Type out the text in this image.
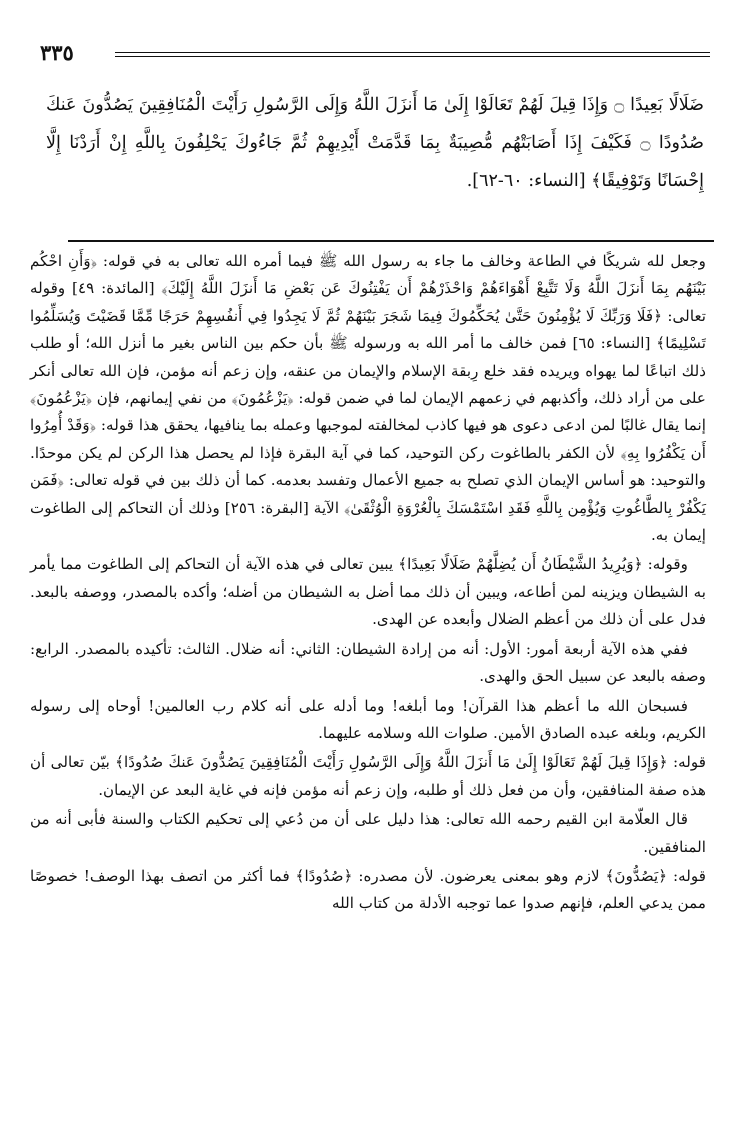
٣٣٥

ضَلَالًا بَعِيدًا ۝ وَإِذَا قِيلَ لَهُمْ تَعَالَوْا إِلَىٰ مَا أَنزَلَ اللَّهُ وَإِلَى الرَّسُولِ رَأَيْتَ الْمُنَافِقِينَ يَصُدُّونَ عَنكَ صُدُودًا ۝ فَكَيْفَ إِذَا أَصَابَتْهُم مُّصِيبَةٌ بِمَا قَدَّمَتْ أَيْدِيهِمْ ثُمَّ جَاءُوكَ يَحْلِفُونَ بِاللَّهِ إِنْ أَرَدْنَا إِلَّا إِحْسَانًا وَتَوْفِيقًا﴾ [النساء: ٦٠-٦٢].

وجعل لله شريكًا في الطاعة وخالف ما جاء به رسول الله ﷺ فيما أمره الله تعالى به في قوله: ﴿وَأَنِ احْكُم بَيْنَهُم بِمَا أَنزَلَ اللَّهُ وَلَا تَتَّبِعْ أَهْوَاءَهُمْ وَاحْذَرْهُمْ أَن يَفْتِنُوكَ عَن بَعْضِ مَا أَنزَلَ اللَّهُ إِلَيْكَ﴾ [المائدة: ٤٩] وقوله تعالى: ﴿فَلَا وَرَبِّكَ لَا يُؤْمِنُونَ حَتَّىٰ يُحَكِّمُوكَ فِيمَا شَجَرَ بَيْنَهُمْ ثُمَّ لَا يَجِدُوا فِي أَنفُسِهِمْ حَرَجًا مِّمَّا قَضَيْتَ وَيُسَلِّمُوا تَسْلِيمًا﴾ [النساء: ٦٥] فمن خالف ما أمر الله به ورسوله ﷺ بأن حكم بين الناس بغير ما أنزل الله؛ أو طلب ذلك اتباعًا لما يهواه ويريده فقد خلع رِبقة الإسلام والإيمان من عنقه، وإن زعم أنه مؤمن، فإن الله تعالى أنكر على من أراد ذلك، وأكذبهم في زعمهم الإيمان لما في ضمن قوله: ﴿يَزْعُمُونَ﴾ من نفي إيمانهم، فإن ﴿يَزْعُمُونَ﴾ إنما يقال غالبًا لمن ادعى دعوى هو فيها كاذب لمخالفته لموجبها وعمله بما ينافيها، يحقق هذا قوله: ﴿وَقَدْ أُمِرُوا أَن يَكْفُرُوا بِهِ﴾ لأن الكفر بالطاغوت ركن التوحيد، كما في آية البقرة فإذا لم يحصل هذا الركن لم يكن موحدًا. والتوحيد: هو أساس الإيمان الذي تصلح به جميع الأعمال وتفسد بعدمه. كما أن ذلك بين في قوله تعالى: ﴿فَمَن يَكْفُرْ بِالطَّاغُوتِ وَيُؤْمِن بِاللَّهِ فَقَدِ اسْتَمْسَكَ بِالْعُرْوَةِ الْوُثْقَىٰ﴾ الآية [البقرة: ٢٥٦] وذلك أن التحاكم إلى الطاغوت إيمان به.

وقوله: ﴿وَيُرِيدُ الشَّيْطَانُ أَن يُضِلَّهُمْ ضَلَالًا بَعِيدًا﴾ يبين تعالى في هذه الآية أن التحاكم إلى الطاغوت مما يأمر به الشيطان ويزينه لمن أطاعه، ويبين أن ذلك مما أضل به الشيطان من أضله؛ وأكده بالمصدر، ووصفه بالبعد. فدل على أن ذلك من أعظم الضلال وأبعده عن الهدى.

ففي هذه الآية أربعة أمور: الأول: أنه من إرادة الشيطان: الثاني: أنه ضلال. الثالث: تأكيده بالمصدر. الرابع: وصفه بالبعد عن سبيل الحق والهدى.

فسبحان الله ما أعظم هذا القرآن! وما أبلغه! وما أدله على أنه كلام رب العالمين! أوحاه إلى رسوله الكريم، وبلغه عبده الصادق الأمين. صلوات الله وسلامه عليهما.

قوله: ﴿وَإِذَا قِيلَ لَهُمْ تَعَالَوْا إِلَىٰ مَا أَنزَلَ اللَّهُ وَإِلَى الرَّسُولِ رَأَيْتَ الْمُنَافِقِينَ يَصُدُّونَ عَنكَ صُدُودًا﴾ بيّن تعالى أن هذه صفة المنافقين، وأن من فعل ذلك أو طلبه، وإن زعم أنه مؤمن فإنه في غاية البعد عن الإيمان.

قال العلّامة ابن القيم رحمه الله تعالى: هذا دليل على أن من دُعي إلى تحكيم الكتاب والسنة فأبى أنه من المنافقين.

قوله: ﴿يَصُدُّونَ﴾ لازم وهو بمعنى يعرضون. لأن مصدره: ﴿صُدُودًا﴾ فما أكثر من اتصف بهذا الوصف! خصوصًا ممن يدعي العلم، فإنهم صدوا عما توجبه الأدلة من كتاب الله
